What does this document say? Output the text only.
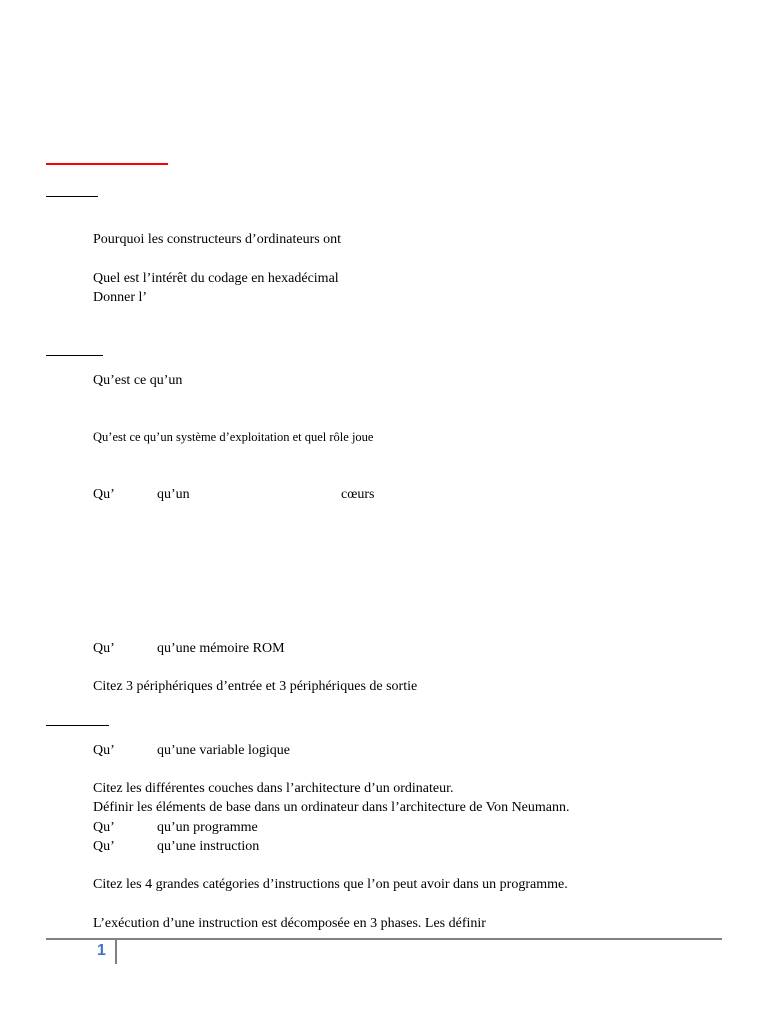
Pourquoi les constructeurs d’ordinateurs ont
Quel est l’intérêt du codage en hexadécimal
Donner l’
Qu’est ce qu’un
Qu’est ce qu’un système d’exploitation et quel rôle joue
Qu’	qu’un	cœurs
Qu’	qu’une mémoire ROM
Citez 3 périphériques d’entrée et 3 périphériques de sortie
Qu’	qu’une variable logique
Citez les différentes couches dans l’architecture d’un ordinateur.
Définir les éléments de base dans un ordinateur dans l’architecture de Von Neumann.
Qu’	qu’un programme
Qu’	qu’une instruction
Citez les 4 grandes catégories d’instructions que l’on peut avoir dans un programme.
L’exécution d’une instruction est décomposée en 3 phases. Les définir
1
